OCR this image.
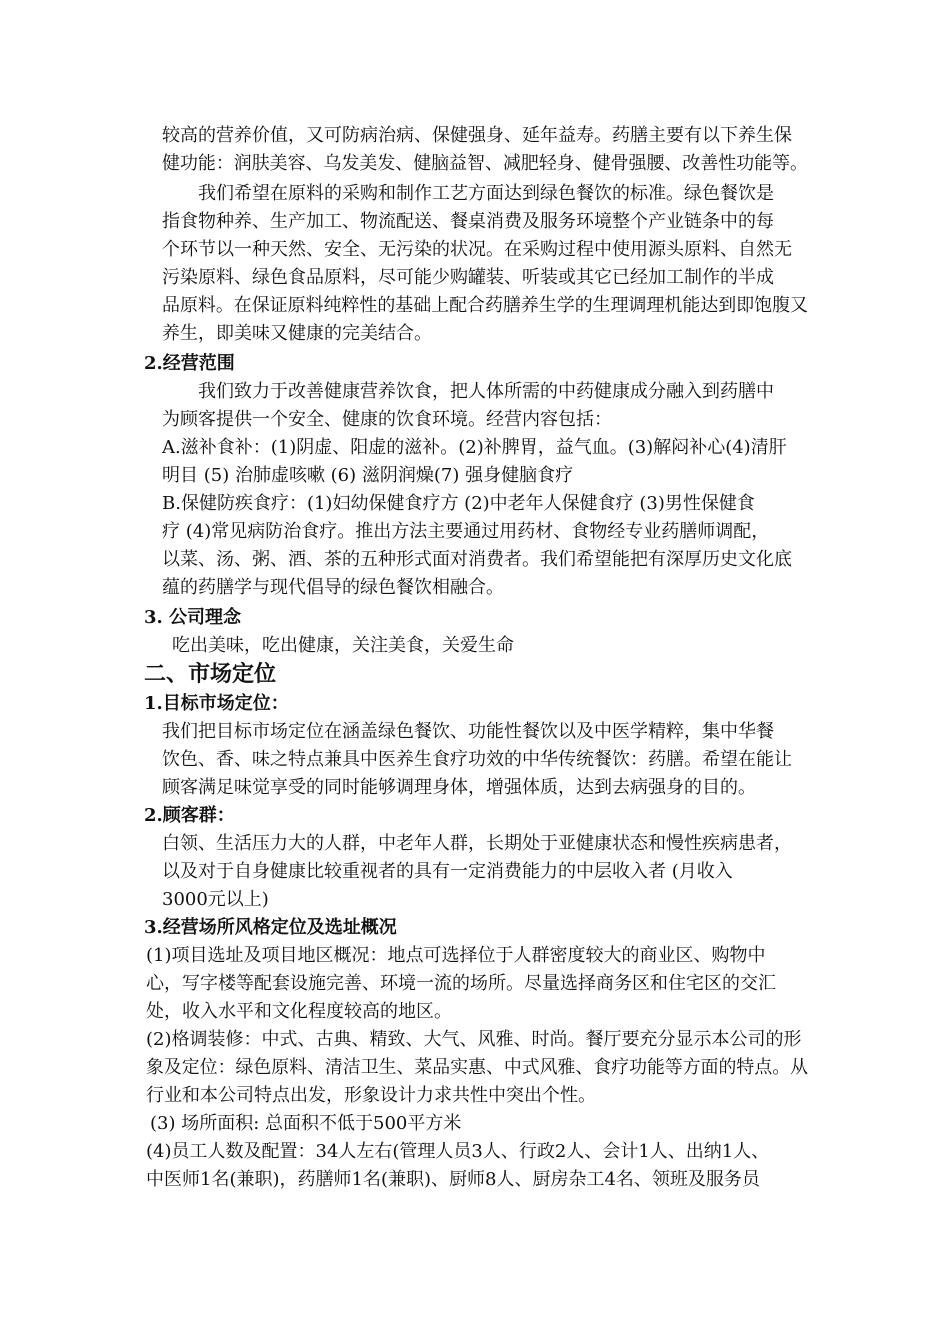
较高的营养价值，又可防病治病、保健强身、延年益寿。药膳主要有以下养生保
健功能：润肤美容、乌发美发、健脑益智、减肥轻身、健骨强腰、改善性功能等。
我们希望在原料的采购和制作工艺方面达到绿色餐饮的标准。绿色餐饮是
指食物种养、生产加工、物流配送、餐桌消费及服务环境整个产业链条中的每
个环节以一种天然、安全、无污染的状况。在采购过程中使用源头原料、自然无
污染原料、绿色食品原料，尽可能少购罐装、听装或其它已经加工制作的半成
品原料。在保证原料纯粹性的基础上配合药膳养生学的生理调理机能达到即饱腹又
养生，即美味又健康的完美结合。
2.经营范围
我们致力于改善健康营养饮食，把人体所需的中药健康成分融入到药膳中
为顾客提供一个安全、健康的饮食环境。经营内容包括：
A.滋补食补：(1)阴虚、阳虚的滋补。(2)补脾胃，益气血。(3)解闷补心(4)清肝
明目 (5) 治肺虚咳嗽 (6) 滋阴润燥(7) 强身健脑食疗
B.保健防疾食疗：(1)妇幼保健食疗方 (2)中老年人保健食疗 (3)男性保健食
疗 (4)常见病防治食疗。推出方法主要通过用药材、食物经专业药膳师调配，
以菜、汤、粥、酒、茶的五种形式面对消费者。我们希望能把有深厚历史文化底
蕴的药膳学与现代倡导的绿色餐饮相融合。
3. 公司理念
吃出美味，吃出健康，关注美食，关爱生命
二、市场定位
1.目标市场定位：
我们把目标市场定位在涵盖绿色餐饮、功能性餐饮以及中医学精粹，集中华餐
饮色、香、味之特点兼具中医养生食疗功效的中华传统餐饮：药膳。希望在能让
顾客满足味觉享受的同时能够调理身体，增强体质，达到去病强身的目的。
2.顾客群：
白领、生活压力大的人群，中老年人群，长期处于亚健康状态和慢性疾病患者，
以及对于自身健康比较重视者的具有一定消费能力的中层收入者 (月收入
3000元以上)
3.经营场所风格定位及选址概况
(1)项目选址及项目地区概况：地点可选择位于人群密度较大的商业区、购物中
心，写字楼等配套设施完善、环境一流的场所。尽量选择商务区和住宅区的交汇
处，收入水平和文化程度较高的地区。
(2)格调装修：中式、古典、精致、大气、风雅、时尚。餐厅要充分显示本公司的形
象及定位：绿色原料、清洁卫生、菜品实惠、中式风雅、食疗功能等方面的特点。从
行业和本公司特点出发，形象设计力求共性中突出个性。
(3) 场所面积: 总面积不低于500平方米
(4)员工人数及配置：34人左右(管理人员3人、行政2人、会计1人、出纳1人、
中医师1名(兼职)，药膳师1名(兼职)、厨师8人、厨房杂工4名、领班及服务员
